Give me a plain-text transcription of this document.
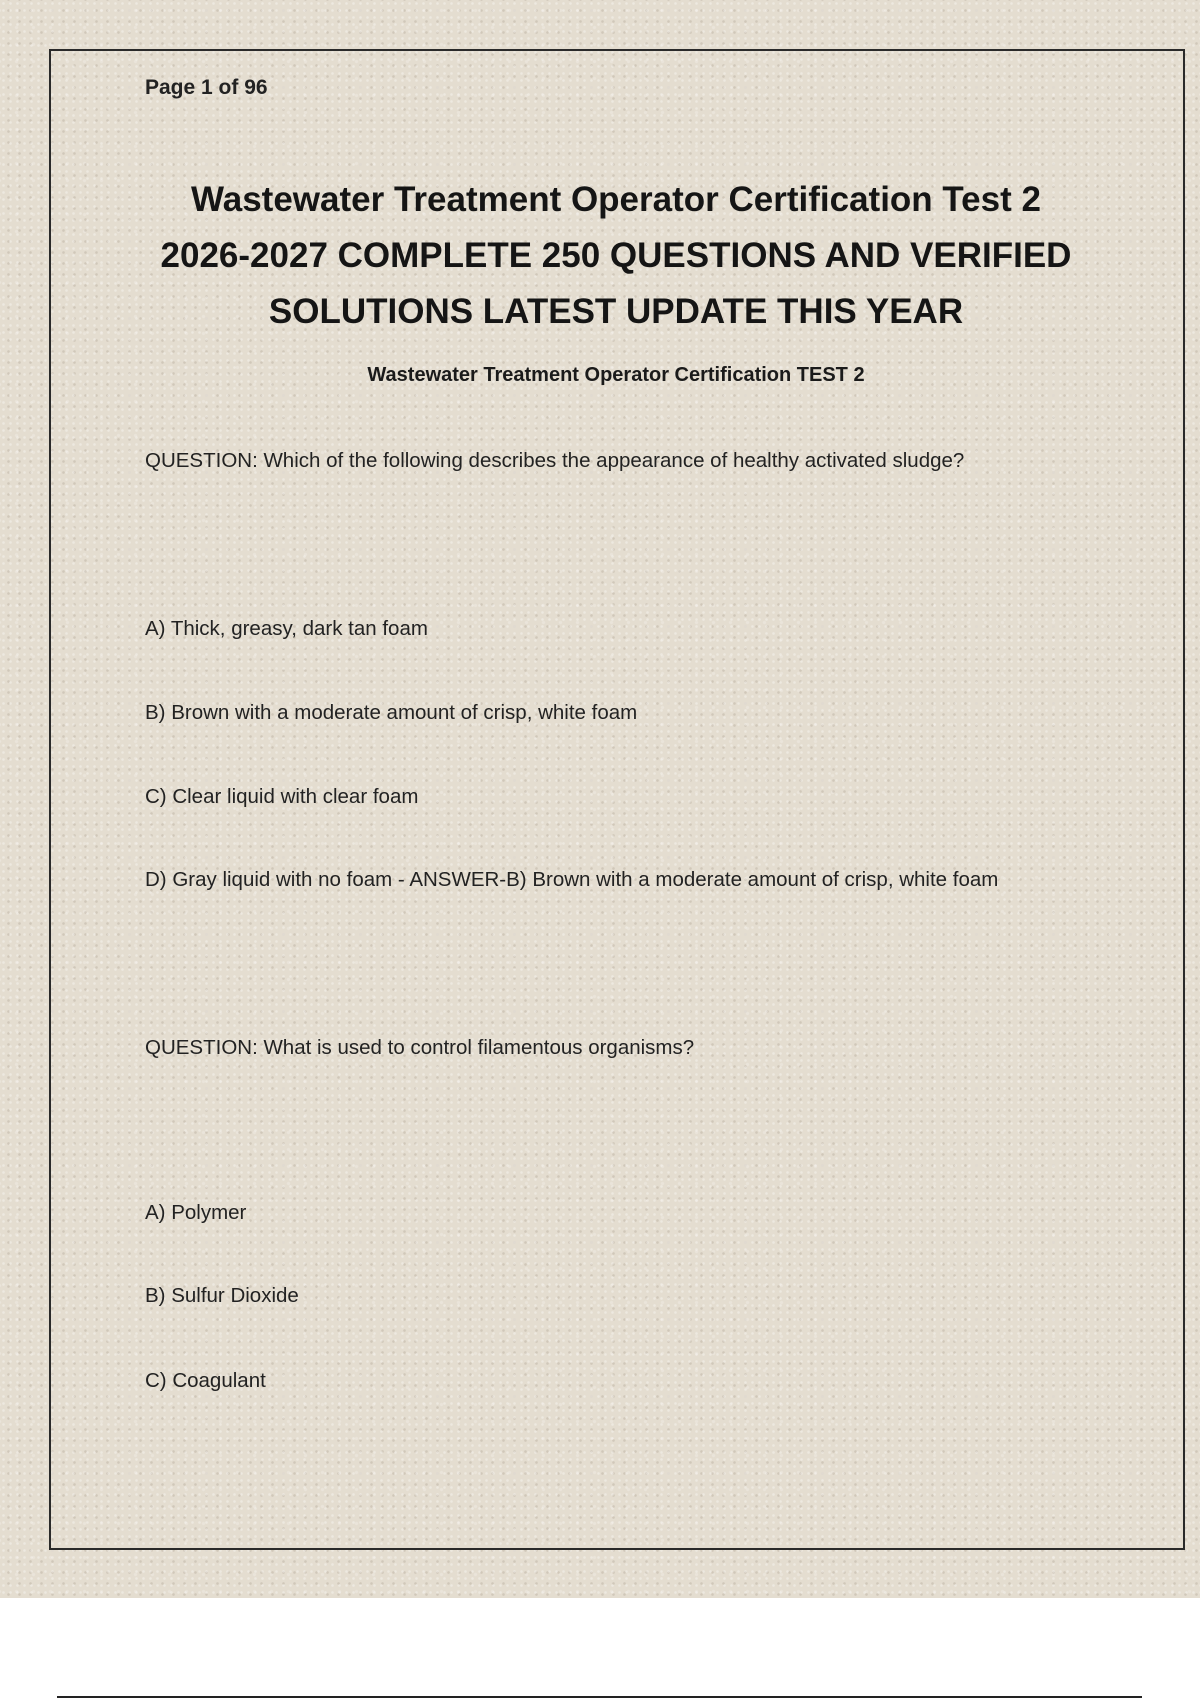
Page 1 of 96
Wastewater Treatment Operator Certification Test 2
2026-2027 COMPLETE 250 QUESTIONS AND VERIFIED
SOLUTIONS LATEST UPDATE THIS YEAR
Wastewater Treatment Operator Certification TEST 2
QUESTION: Which of the following describes the appearance of healthy activated sludge?
A) Thick, greasy, dark tan foam
B) Brown with a moderate amount of crisp, white foam
C) Clear liquid with clear foam
D) Gray liquid with no foam - ANSWER-B) Brown with a moderate amount of crisp, white foam
QUESTION: What is used to control filamentous organisms?
A) Polymer
B) Sulfur Dioxide
C) Coagulant
